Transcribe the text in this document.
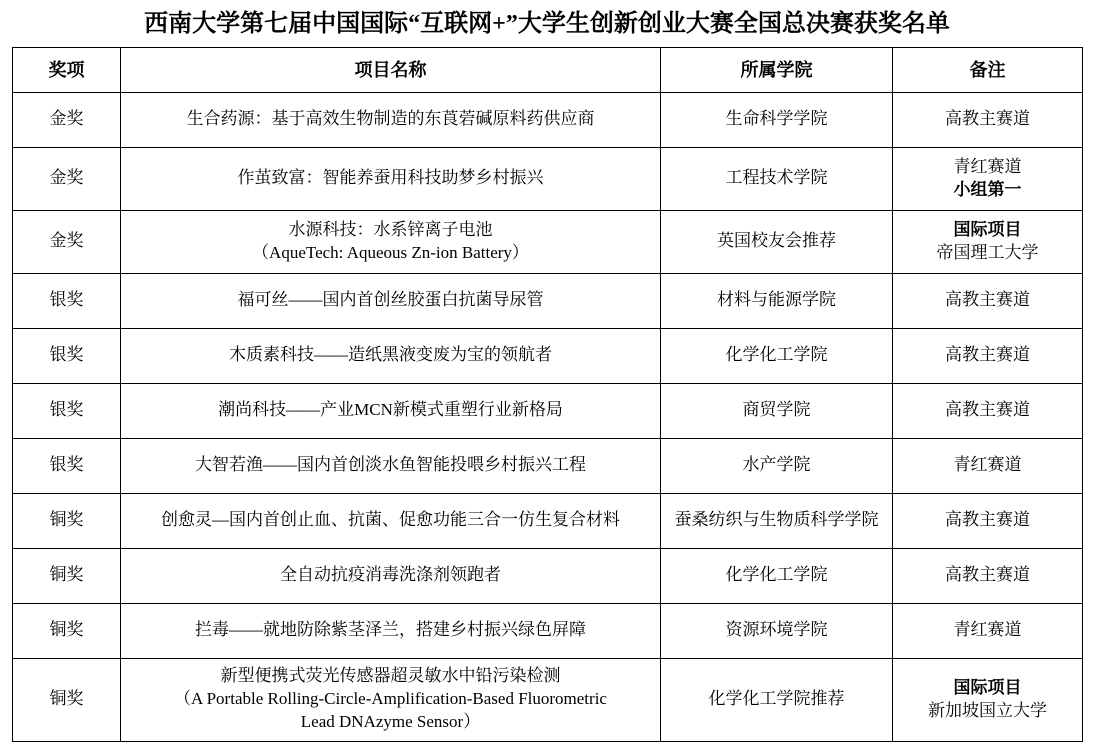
西南大学第七届中国国际“互联网+”大学生创新创业大赛全国总决赛获奖名单
奖项	项目名称	所属学院	备注
金奖	生合药源：基于高效生物制造的东莨菪碱原料药供应商	生命科学学院	高教主赛道

金奖	作茧致富：智能养蚕用科技助梦乡村振兴	工程技术学院	青红赛道
小组第一

金奖	水源科技：水系锌离子电池
（AqueTech: Aqueous Zn-ion Battery）	英国校友会推荐	国际项目
帝国理工大学

银奖	福可丝——国内首创丝胶蛋白抗菌导尿管	材料与能源学院	高教主赛道

银奖	木质素科技——造纸黑液变废为宝的领航者	化学化工学院	高教主赛道

银奖	潮尚科技——产业MCN新模式重塑行业新格局	商贸学院	高教主赛道

银奖	大智若渔——国内首创淡水鱼智能投喂乡村振兴工程	水产学院	青红赛道

铜奖	创愈灵—国内首创止血、抗菌、促愈功能三合一仿生复合材料	蚕桑纺织与生物质科学学院	高教主赛道

铜奖	全自动抗疫消毒洗涤剂领跑者	化学化工学院	高教主赛道

铜奖	拦毒——就地防除紫茎泽兰，搭建乡村振兴绿色屏障	资源环境学院	青红赛道

铜奖	新型便携式荧光传感器超灵敏水中铅污染检测
（A Portable Rolling-Circle-Amplification-Based Fluorometric
Lead DNAzyme Sensor）	化学化工学院推荐	国际项目
新加坡国立大学
